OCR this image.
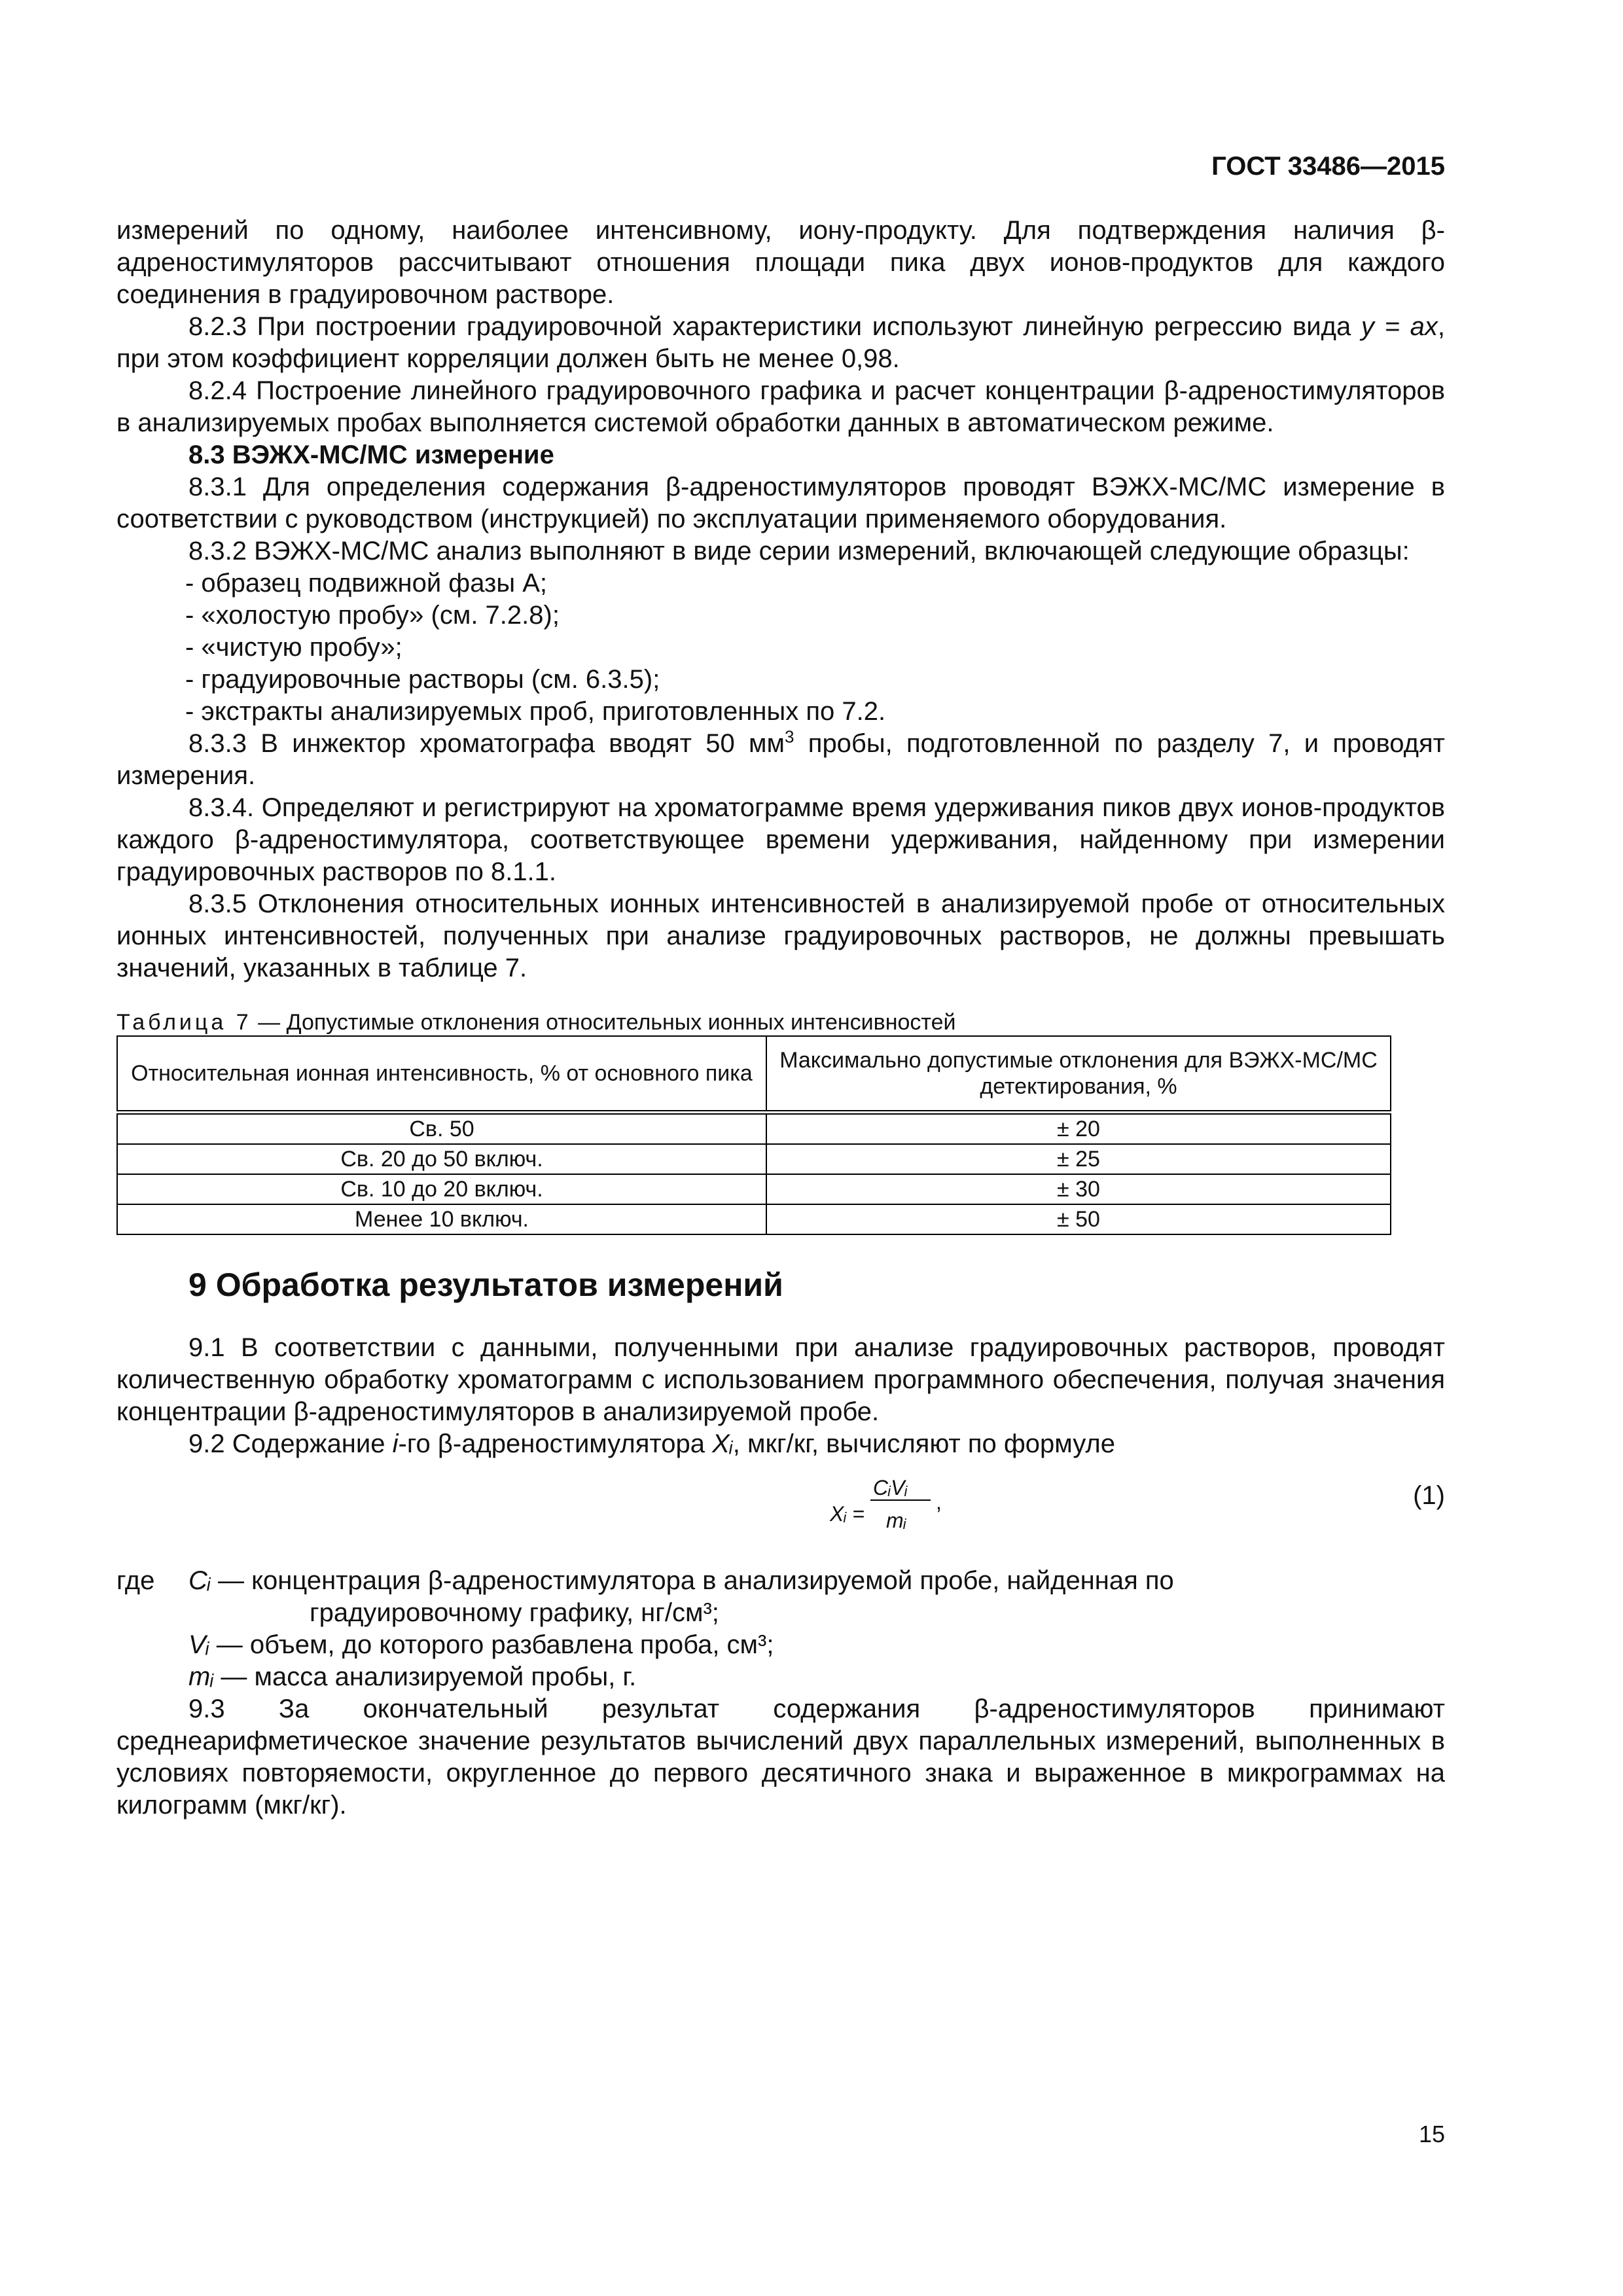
ГОСТ 33486—2015

измерений по одному, наиболее интенсивному, иону-продукту. Для подтверждения наличия β-адреностимуляторов рассчитывают отношения площади пика двух ионов-продуктов для каждого соединения в градуировочном растворе.

8.2.3 При построении градуировочной характеристики используют линейную регрессию вида y = ax, при этом коэффициент корреляции должен быть не менее 0,98.

8.2.4 Построение линейного градуировочного графика и расчет концентрации β-адреностимуляторов в анализируемых пробах выполняется системой обработки данных в автоматическом режиме.

8.3 ВЭЖХ-МС/МС измерение

8.3.1 Для определения содержания β-адреностимуляторов проводят ВЭЖХ-МС/МС измерение в соответствии с руководством (инструкцией) по эксплуатации применяемого оборудования.

8.3.2 ВЭЖХ-МС/МС анализ выполняют в виде серии измерений, включающей следующие образцы:

- образец подвижной фазы А;

- «холостую пробу» (см. 7.2.8);

- «чистую пробу»;

- градуировочные растворы (см. 6.3.5);

- экстракты анализируемых проб, приготовленных по 7.2.

8.3.3 В инжектор хроматографа вводят 50 $мм^3$ пробы, подготовленной по разделу 7, и проводят измерения.

8.3.4. Определяют и регистрируют на хроматограмме время удерживания пиков двух ионов-продуктов каждого β-адреностимулятора, соответствующее времени удерживания, найденному при измерении градуировочных растворов по 8.1.1.

8.3.5 Отклонения относительных ионных интенсивностей в анализируемой пробе от относительных ионных интенсивностей, полученных при анализе градуировочных растворов, не должны превышать значений, указанных в таблице 7.

Таблица 7 — Допустимые отклонения относительных ионных интенсивностей
Относительная ионная интенсивность, % от основного пика	Максимально допустимые отклонения для ВЭЖХ-МС/МС детектирования, %
Св. 50	± 20
Св. 20 до 50 включ.	± 25
Св. 10 до 20 включ.	± 30
Менее 10 включ.	± 50
9 Обработка результатов измерений

9.1 В соответствии с данными, полученными при анализе градуировочных растворов, проводят количественную обработку хроматограмм с использованием программного обеспечения, получая значения концентрации β-адреностимуляторов в анализируемой пробе.

9.2 Содержание i-го β-адреностимулятора Xᵢ, мкг/кг, вычисляют по формуле

Xᵢ =
CᵢVᵢ
mᵢ
,	(1)
где Cᵢ — концентрация β-адреностимулятора в анализируемой пробе, найденная по

градуировочному графику, нг/см³;

Vᵢ — объем, до которого разбавлена проба, см³;

mᵢ — масса анализируемой пробы, г.

9.3 За окончательный результат содержания β-адреностимуляторов принимают среднеарифметическое значение результатов вычислений двух параллельных измерений, выполненных в условиях повторяемости, округленное до первого десятичного знака и выраженное в микрограммах на килограмм (мкг/кг).

15
